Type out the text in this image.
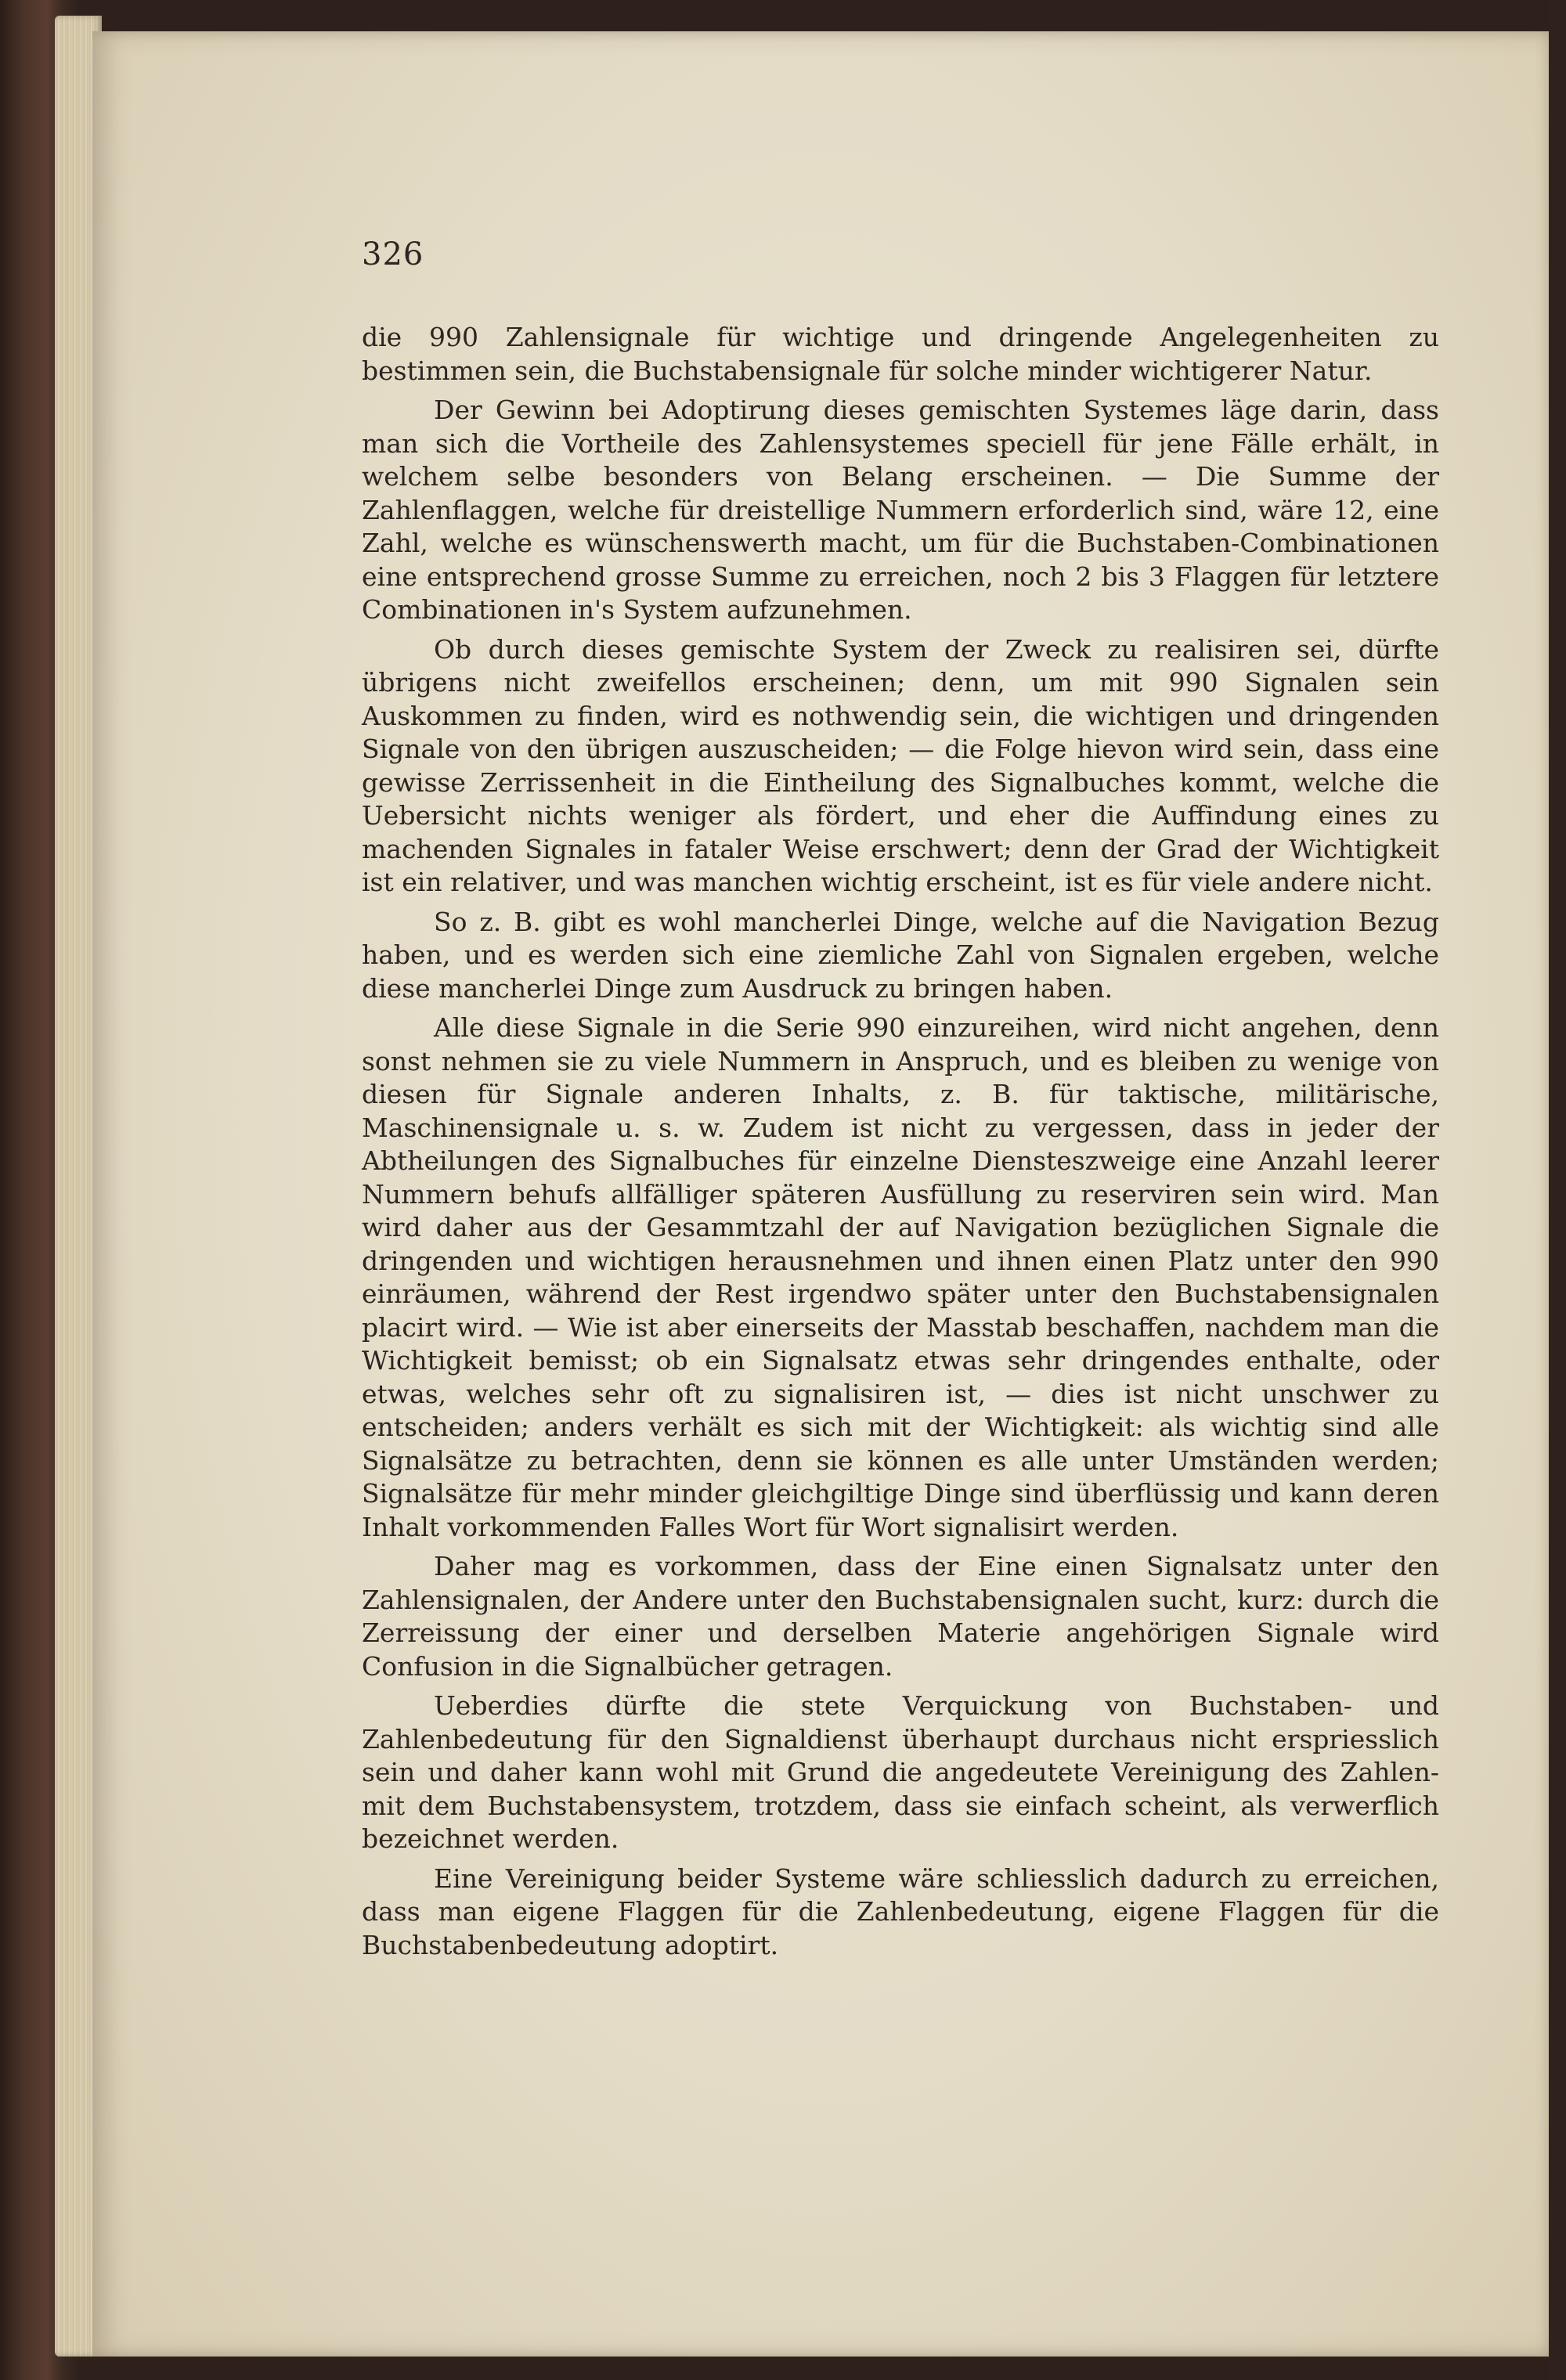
326

die 990 Zahlensignale für wichtige und dringende Angelegenheiten zu bestimmen sein, die Buchstabensignale für solche minder wichtigerer Natur.

Der Gewinn bei Adoptirung dieses gemischten Systemes läge darin, dass man sich die Vortheile des Zahlensystemes speciell für jene Fälle erhält, in welchem selbe besonders von Belang erscheinen. — Die Summe der Zahlenflaggen, welche für dreistellige Nummern erforderlich sind, wäre 12, eine Zahl, welche es wünschenswerth macht, um für die Buchstaben-Combinationen eine entsprechend grosse Summe zu erreichen, noch 2 bis 3 Flaggen für letztere Combinationen in's System aufzunehmen.

Ob durch dieses gemischte System der Zweck zu realisiren sei, dürfte übrigens nicht zweifellos erscheinen; denn, um mit 990 Signalen sein Auskommen zu finden, wird es nothwendig sein, die wichtigen und dringenden Signale von den übrigen auszuscheiden; — die Folge hievon wird sein, dass eine gewisse Zerrissenheit in die Eintheilung des Signalbuches kommt, welche die Uebersicht nichts weniger als fördert, und eher die Auffindung eines zu machenden Signales in fataler Weise erschwert; denn der Grad der Wichtigkeit ist ein relativer, und was manchen wichtig erscheint, ist es für viele andere nicht.

So z. B. gibt es wohl mancherlei Dinge, welche auf die Navigation Bezug haben, und es werden sich eine ziemliche Zahl von Signalen ergeben, welche diese mancherlei Dinge zum Ausdruck zu bringen haben.

Alle diese Signale in die Serie 990 einzureihen, wird nicht angehen, denn sonst nehmen sie zu viele Nummern in Anspruch, und es bleiben zu wenige von diesen für Signale anderen Inhalts, z. B. für taktische, militärische, Maschinensignale u. s. w. Zudem ist nicht zu vergessen, dass in jeder der Abtheilungen des Signalbuches für einzelne Diensteszweige eine Anzahl leerer Nummern behufs allfälliger späteren Ausfüllung zu reserviren sein wird. Man wird daher aus der Gesammtzahl der auf Navigation bezüglichen Signale die dringenden und wichtigen herausnehmen und ihnen einen Platz unter den 990 einräumen, während der Rest irgendwo später unter den Buchstabensignalen placirt wird. — Wie ist aber einerseits der Masstab beschaffen, nachdem man die Wichtigkeit bemisst; ob ein Signalsatz etwas sehr dringendes enthalte, oder etwas, welches sehr oft zu signalisiren ist, — dies ist nicht unschwer zu entscheiden; anders verhält es sich mit der Wichtigkeit: als wichtig sind alle Signalsätze zu betrachten, denn sie können es alle unter Umständen werden; Signalsätze für mehr minder gleichgiltige Dinge sind überflüssig und kann deren Inhalt vorkommenden Falles Wort für Wort signalisirt werden.

Daher mag es vorkommen, dass der Eine einen Signalsatz unter den Zahlensignalen, der Andere unter den Buchstabensignalen sucht, kurz: durch die Zerreissung der einer und derselben Materie angehörigen Signale wird Confusion in die Signalbücher getragen.

Ueberdies dürfte die stete Verquickung von Buchstaben- und Zahlenbedeutung für den Signaldienst überhaupt durchaus nicht erspriesslich sein und daher kann wohl mit Grund die angedeutete Vereinigung des Zahlen- mit dem Buchstabensystem, trotzdem, dass sie einfach scheint, als verwerflich bezeichnet werden.

Eine Vereinigung beider Systeme wäre schliesslich dadurch zu erreichen, dass man eigene Flaggen für die Zahlenbedeutung, eigene Flaggen für die Buchstabenbedeutung adoptirt.
